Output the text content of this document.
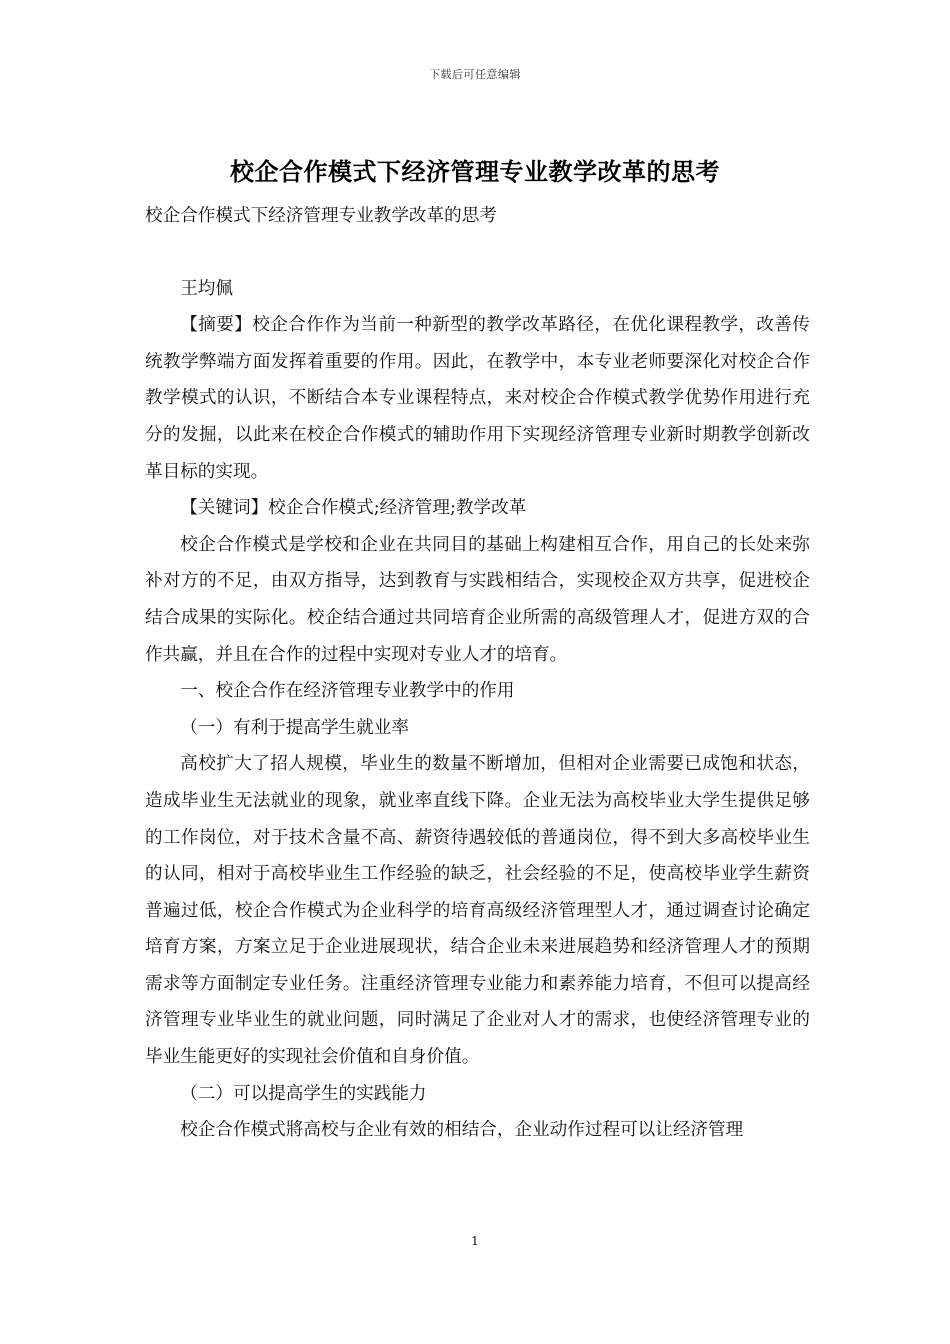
下载后可任意编辑
校企合作模式下经济管理专业教学改革的思考

校企合作模式下经济管理专业教学改革的思考

王均佩

【摘要】校企合作作为当前一种新型的教学改革路径，在优化课程教学，改善传统教学弊端方面发挥着重要的作用。因此，在教学中，本专业老师要深化对校企合作教学模式的认识，不断结合本专业课程特点，来对校企合作模式教学优势作用进行充分的发掘，以此来在校企合作模式的辅助作用下实现经济管理专业新时期教学创新改革目标的实现。

【关键词】校企合作模式;经济管理;教学改革

校企合作模式是学校和企业在共同目的基础上构建相互合作，用自己的长处来弥补对方的不足，由双方指导，达到教育与实践相结合，实现校企双方共享，促进校企结合成果的实际化。校企结合通过共同培育企业所需的高级管理人才，促进方双的合作共赢，并且在合作的过程中实现对专业人才的培育。

一、校企合作在经济管理专业教学中的作用

（一）有利于提高学生就业率

高校扩大了招人规模，毕业生的数量不断增加，但相对企业需要已成饱和状态，造成毕业生无法就业的现象，就业率直线下降。企业无法为高校毕业大学生提供足够的工作岗位，对于技术含量不高、薪资待遇较低的普通岗位，得不到大多高校毕业生的认同，相对于高校毕业生工作经验的缺乏，社会经验的不足，使高校毕业学生薪资普遍过低，校企合作模式为企业科学的培育高级经济管理型人才，通过调查讨论确定培育方案，方案立足于企业进展现状，结合企业未来进展趋势和经济管理人才的预期需求等方面制定专业任务。注重经济管理专业能力和素养能力培育，不但可以提高经济管理专业毕业生的就业问题，同时满足了企业对人才的需求，也使经济管理专业的毕业生能更好的实现社会价值和自身价值。

（二）可以提高学生的实践能力

校企合作模式將高校与企业有效的相结合，企业动作过程可以让经济管理

1
